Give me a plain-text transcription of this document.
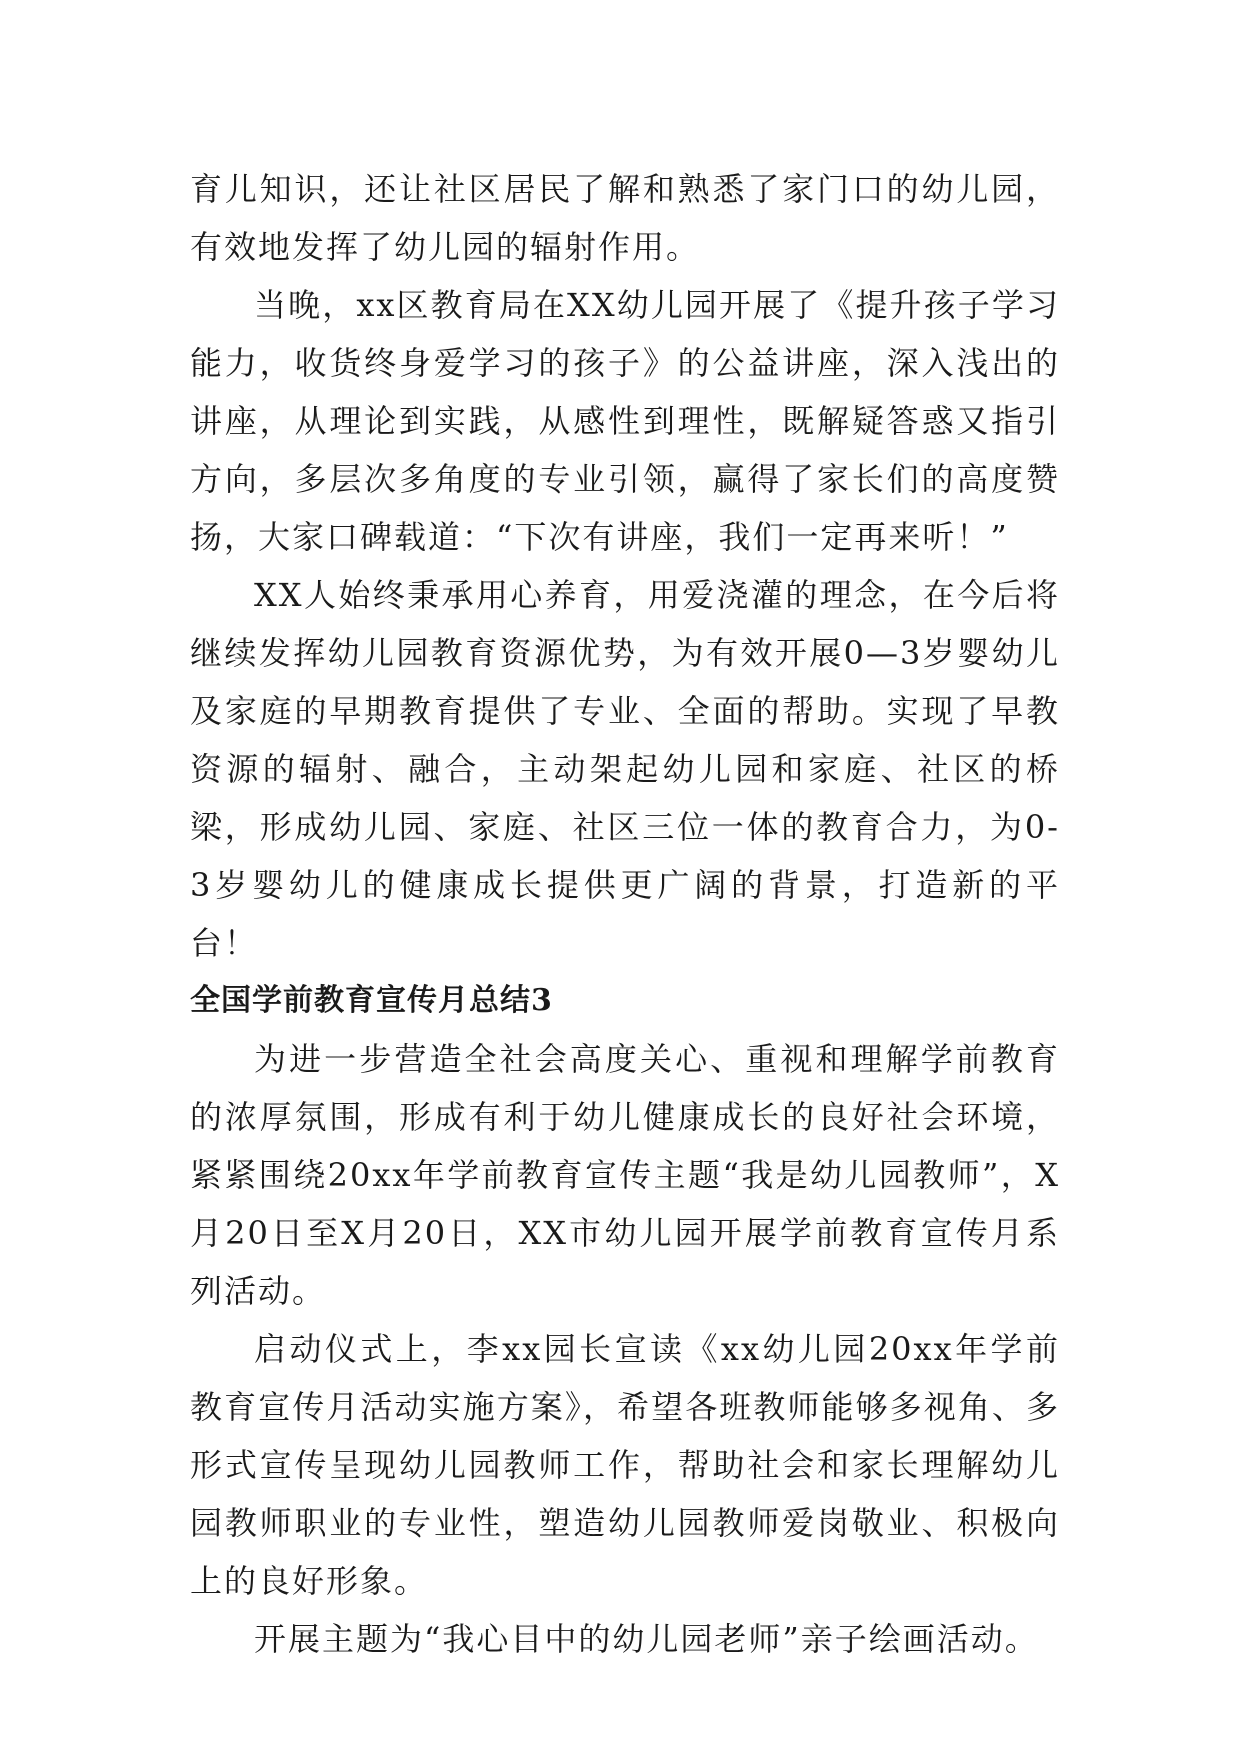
育儿知识，还让社区居民了解和熟悉了家门口的幼儿园，有效地发挥了幼儿园的辐射作用。

当晚，xx区教育局在XX幼儿园开展了《提升孩子学习能力，收货终身爱学习的孩子》的公益讲座，深入浅出的讲座，从理论到实践，从感性到理性，既解疑答惑又指引方向，多层次多角度的专业引领，赢得了家长们的高度赞扬，大家口碑载道：“下次有讲座，我们一定再来听！”

XX人始终秉承用心养育，用爱浇灌的理念，在今后将继续发挥幼儿园教育资源优势，为有效开展0—3岁婴幼儿及家庭的早期教育提供了专业、全面的帮助。实现了早教资源的辐射、融合，主动架起幼儿园和家庭、社区的桥梁，形成幼儿园、家庭、社区三位一体的教育合力，为0-3岁婴幼儿的健康成长提供更广阔的背景，打造新的平台！

全国学前教育宣传月总结3

为进一步营造全社会高度关心、重视和理解学前教育的浓厚氛围，形成有利于幼儿健康成长的良好社会环境，紧紧围绕20xx年学前教育宣传主题“我是幼儿园教师”，X月20日至X月20日，XX市幼儿园开展学前教育宣传月系列活动。

启动仪式上，李xx园长宣读《xx幼儿园20xx年学前教育宣传月活动实施方案》，希望各班教师能够多视角、多形式宣传呈现幼儿园教师工作，帮助社会和家长理解幼儿园教师职业的专业性，塑造幼儿园教师爱岗敬业、积极向上的良好形象。

开展主题为“我心目中的幼儿园老师”亲子绘画活动。
